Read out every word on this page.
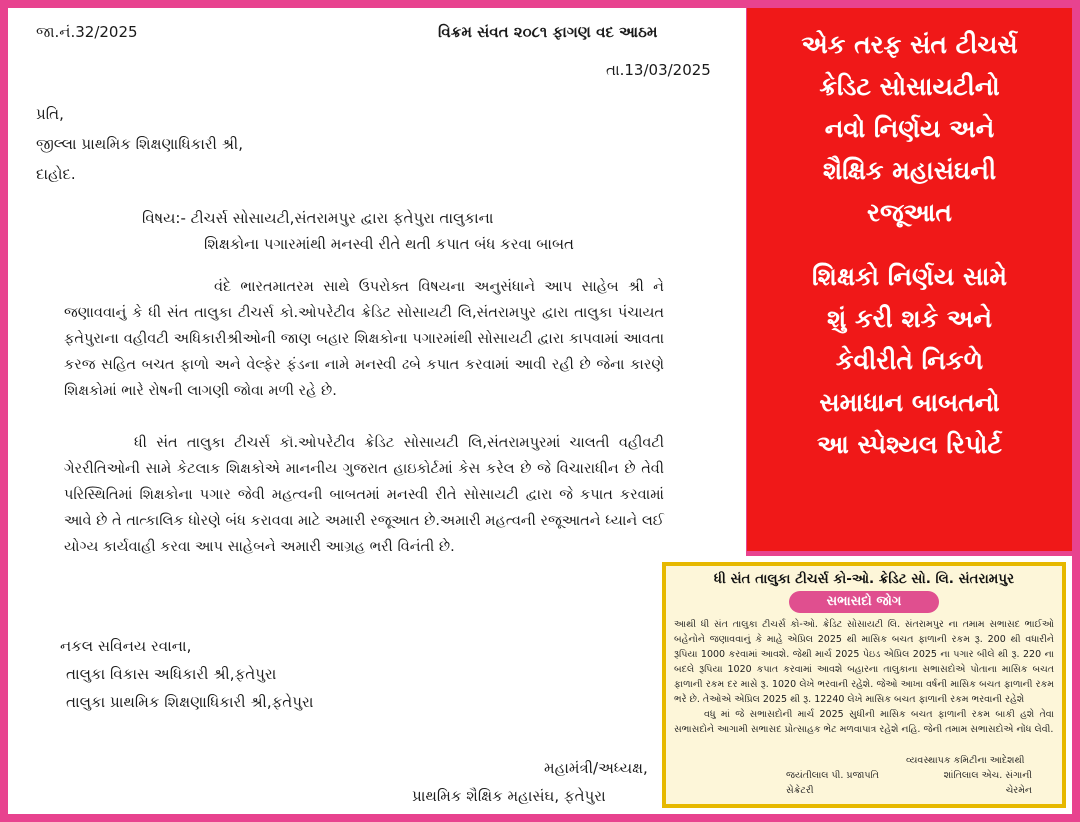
જા.નં.32/2025	વિક્રમ સંવત ૨૦૮૧ ફાગણ વદ આઠમ
તા.13/03/2025
પ્રતિ,
જીલ્લા પ્રાથમિક શિક્ષણાધિકારી શ્રી,
દાહોદ.
વિષય:- ટીચર્સ સોસાયટી,સંતરામપુર દ્વારા ફતેપુરા તાલુકાના
શિક્ષકોના પગારમાંથી મનસ્વી રીતે થતી કપાત બંધ કરવા બાબત
વંદે ભારતમાતરમ સાથે ઉપરોક્ત વિષયના અનુસંધાને આપ સાહેબ શ્રી ને જણાવવાનું કે ધી સંત તાલુકા ટીચર્સ કો.ઓપરેટીવ ક્રેડિટ સોસાયટી લિ,સંતરામપુર દ્વારા તાલુકા પંચાયત ફતેપુરાના વહીવટી અધિકારીશ્રીઓની જાણ બહાર શિક્ષકોના પગારમાંથી સોસાયટી દ્વારા કાપવામાં આવતા કરજ સહિત બચત ફાળો અને વેલ્ફેર ફંડના નામે મનસ્વી ઢબે કપાત કરવામાં આવી રહી છે જેના કારણે શિક્ષકોમાં ભારે રોષની લાગણી જોવા મળી રહે છે.
ધી સંત તાલુકા ટીચર્સ કૉ.ઓપરેટીવ ક્રેડિટ સોસાયટી લિ,સંતરામપુરમાં ચાલતી વહીવટી ગેરરીતિઓની સામે કેટલાક શિક્ષકોએ માનનીય ગુજરાત હાઇકોર્ટમાં કેસ કરેલ છે જે વિચારાધીન છે તેવી પરિસ્થિતિમાં શિક્ષકોના પગાર જેવી મહત્વની બાબતમાં મનસ્વી રીતે સોસાયટી દ્વારા જે કપાત કરવામાં આવે છે તે તાત્કાલિક ધોરણે બંધ કરાવવા માટે અમારી રજૂઆત છે.અમારી મહત્વની રજૂઆતને ધ્યાને લઈ યોગ્ય કાર્યવાહી કરવા આપ સાહેબને અમારી આગ્રહ ભરી વિનંતી છે.
નકલ સવિનય રવાના,
તાલુકા વિકાસ અધિકારી શ્રી,ફતેપુરા
તાલુકા પ્રાથમિક શિક્ષણાધિકારી શ્રી,ફતેપુરા
મહામંત્રી/અધ્યક્ષ,
પ્રાથમિક શૈક્ષિક મહાસંઘ, ફતેપુરા

એક તરફ સંત ટીચર્સ

ક્રેડિટ સોસાયટીનો

નવો નિર્ણય અને

શૈક્ષિક મહાસંઘની

રજૂઆત

શિક્ષકો નિર્ણય સામે

શું કરી શકે અને

કેવીરીતે નિકળે

સમાધાન બાબતનો

આ સ્પેશ્યલ રિપોર્ટ

ધી સંત તાલુકા ટીચર્સ કો-ઓ. ક્રેડિટ સો. લિ. સંતરામપુર
સભાસદો જોગ
આથી ધી સંત તાલુકા ટીચર્સ કો-ઓ. ક્રેડિટ સોસાયટી લિ. સંતરામપુર ના તમામ સભાસદ ભાઈઓ બહેનોને જણાવવાનું કે માહે એપ્રિલ 2025 થી માસિક બચત ફાળાની રકમ રૂ. 200 થી વધારીને રૂપિયા 1000 કરવામાં આવશે. જેથી માર્ચ 2025 પેઇડ એપ્રિલ 2025 ના પગાર બીલે થી રૂ. 220 ના બદલે રૂપિયા 1020 કપાત કરવામાં આવશે બહારના તાલુકાના સભાસદોએ પોતાના માસિક બચત ફાળાની રકમ દર માસે રૂ. 1020 લેખે ભરવાની રહેશે. જેઓ આખા વર્ષની માસિક બચત ફાળાની રકમ ભરે છે. તેઓએ એપ્રિલ 2025 થી રૂ. 12240 લેખે માસિક બચત ફાળાની રકમ ભરવાની રહેશે
વધુ માં જે સભાસદોની માર્ચ 2025 સુધીની માસિક બચત ફાળાની રકમ બાકી હશે તેવા સભાસદોને આગામી સભાસદ પ્રોત્સાહક ભેટ મળવાપાત્ર રહેશે નહિ. જેની તમામ સભાસદોએ નોંધ લેવી.
વ્યવસ્થાપક કમિટીના આદેશથી
જયંતીલાલ પી. પ્રજાપતિ	શાંતિલાલ એચ. સંગાની
સેક્રેટરી	ચેરમેન
